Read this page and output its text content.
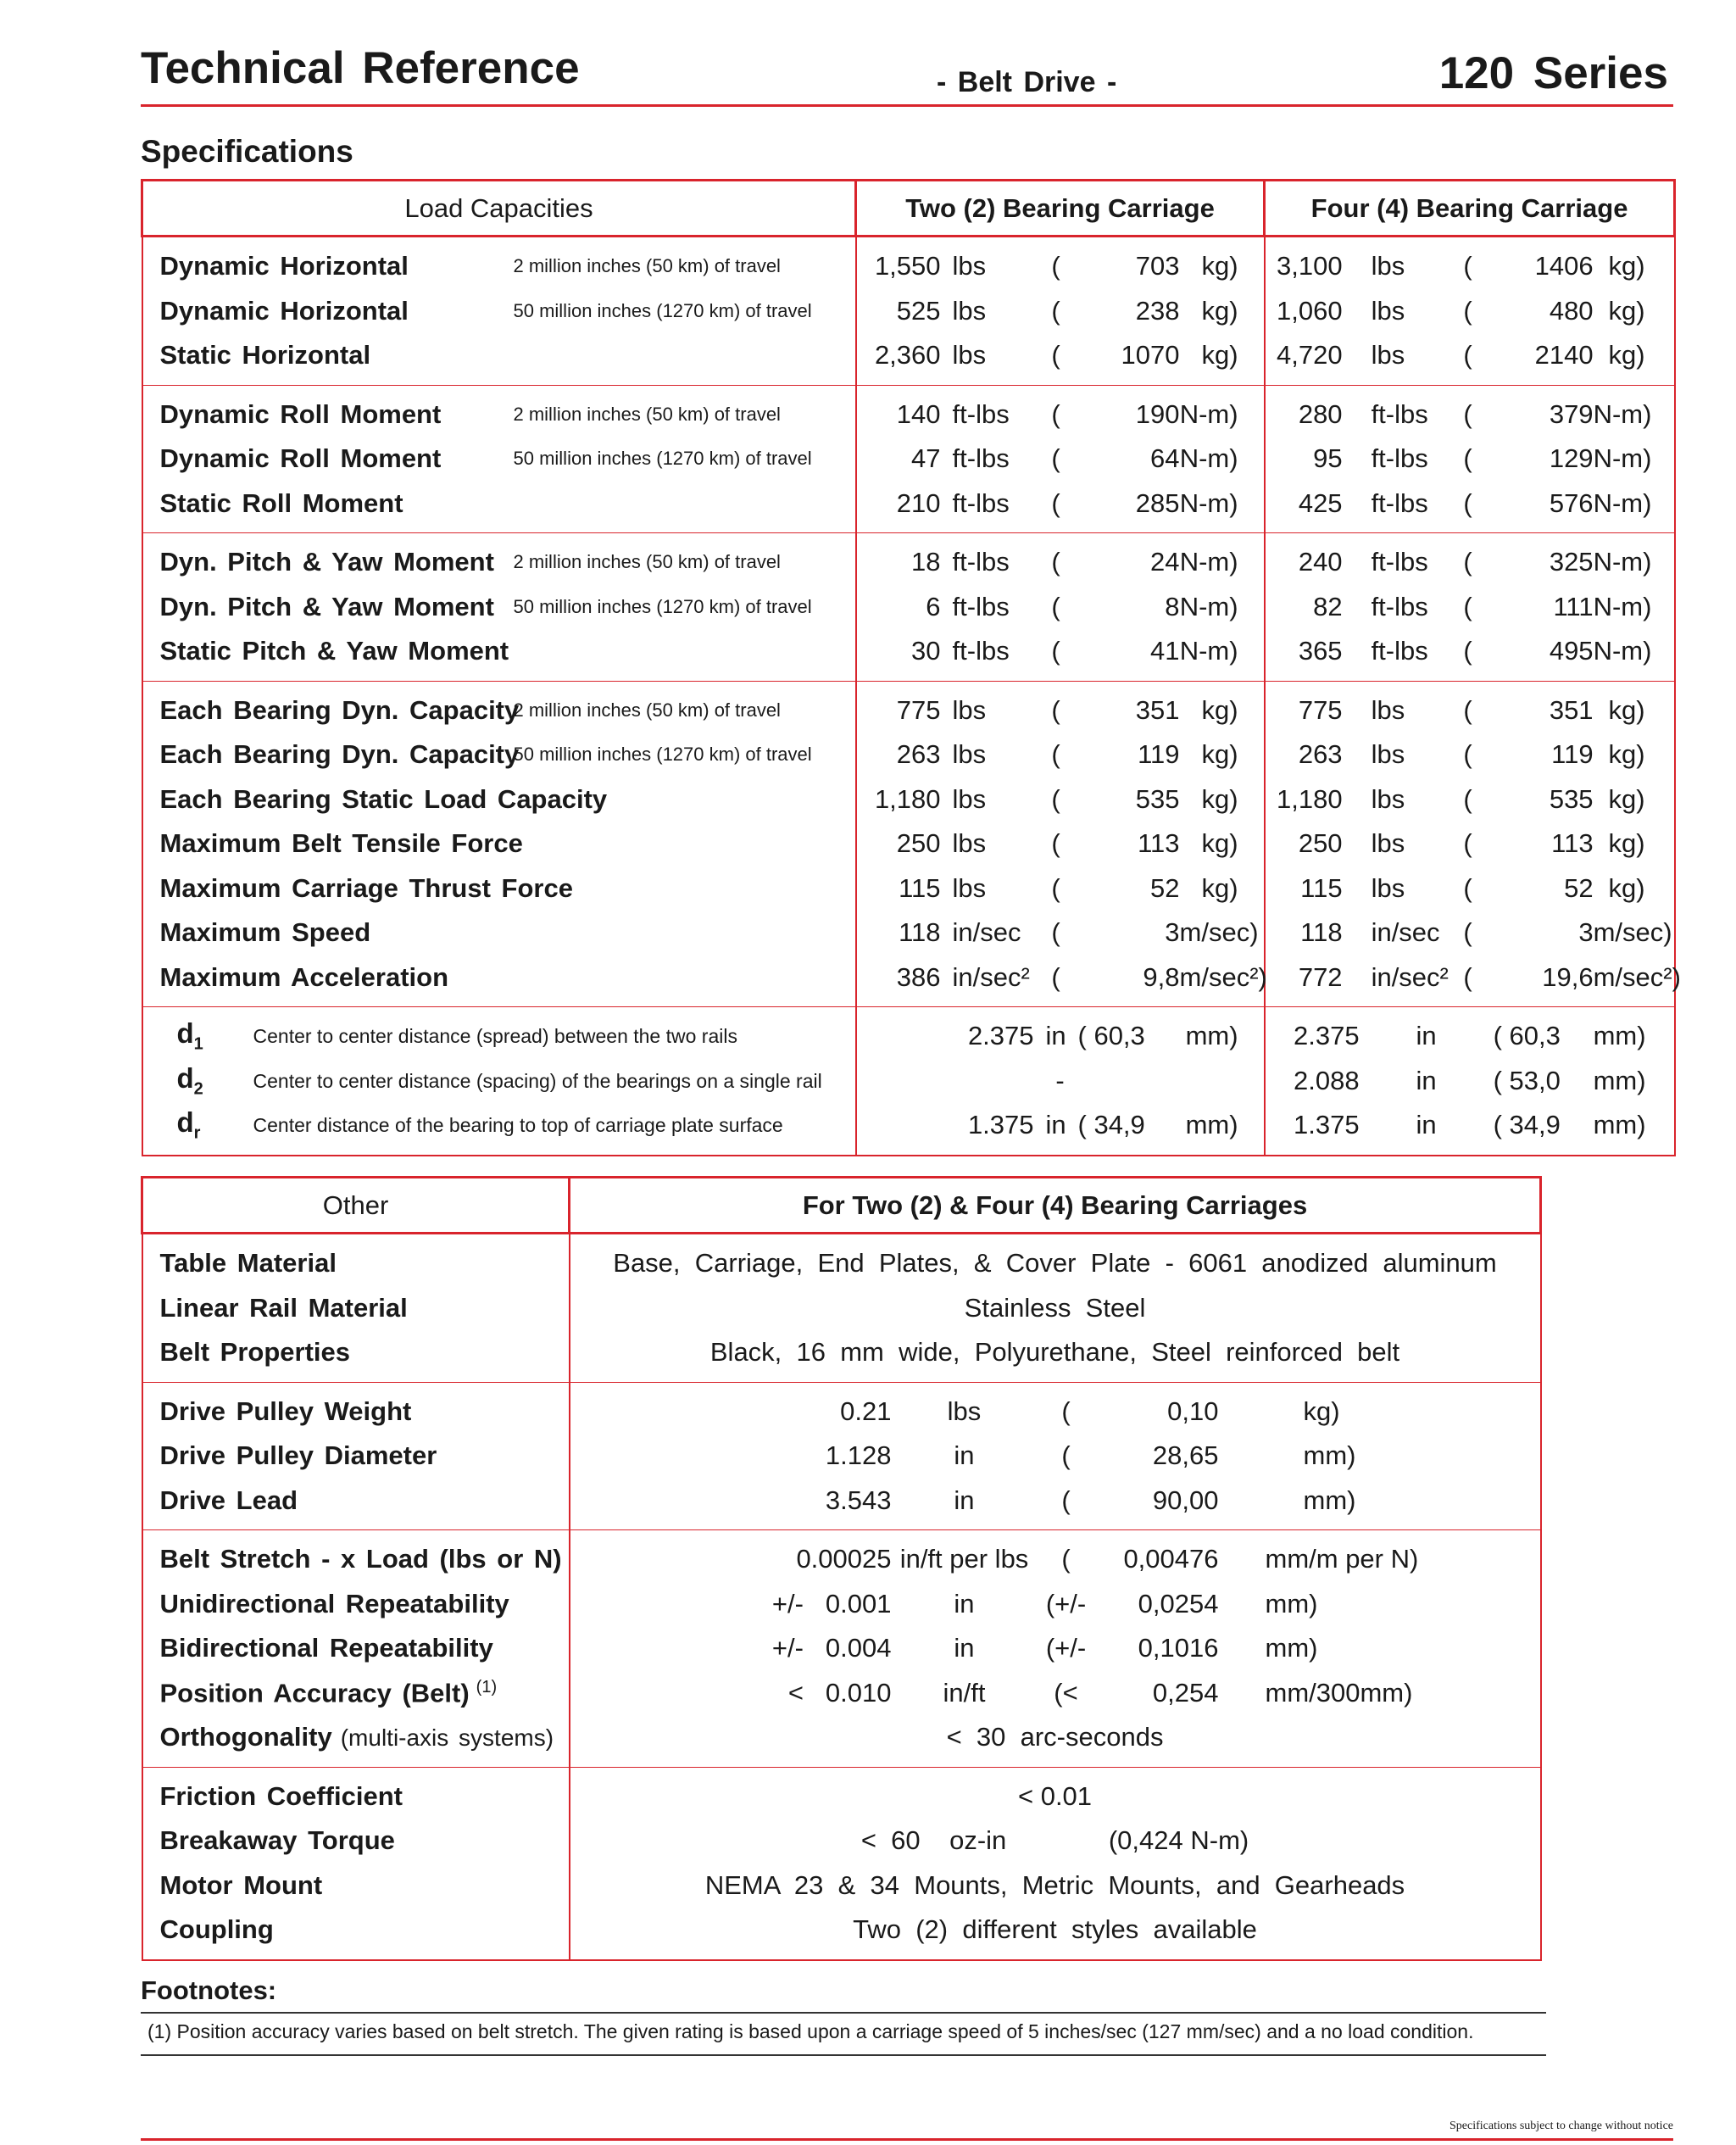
Technical Reference	- Belt Drive -	120 Series
Specifications
Load Capacities		Two (2) Bearing Carriage					Four (4) Bearing Carriage				
Dynamic Horizontal	2 million inches (50 km) of travel	1,550	lbs	(	703	kg)	3,100	lbs	(	1406	kg)
Dynamic Horizontal	50 million inches (1270 km) of travel	525	lbs	(	238	kg)	1,060	lbs	(	480	kg)
Static Horizontal		2,360	lbs	(	1070	kg)	4,720	lbs	(	2140	kg)
Dynamic Roll Moment	2 million inches (50 km) of travel	140	ft-lbs	(	190	N-m)	280	ft-lbs	(	379	N-m)
Dynamic Roll Moment	50 million inches (1270 km) of travel	47	ft-lbs	(	64	N-m)	95	ft-lbs	(	129	N-m)
Static Roll Moment		210	ft-lbs	(	285	N-m)	425	ft-lbs	(	576	N-m)
Dyn. Pitch & Yaw Moment	2 million inches (50 km) of travel	18	ft-lbs	(	24	N-m)	240	ft-lbs	(	325	N-m)
Dyn. Pitch & Yaw Moment	50 million inches (1270 km) of travel	6	ft-lbs	(	8	N-m)	82	ft-lbs	(	111	N-m)
Static Pitch & Yaw Moment		30	ft-lbs	(	41	N-m)	365	ft-lbs	(	495	N-m)
Each Bearing Dyn. Capacity	2 million inches (50 km) of travel	775	lbs	(	351	kg)	775	lbs	(	351	kg)
Each Bearing Dyn. Capacity	50 million inches (1270 km) of travel	263	lbs	(	119	kg)	263	lbs	(	119	kg)
Each Bearing Static Load Capacity		1,180	lbs	(	535	kg)	1,180	lbs	(	535	kg)
Maximum Belt Tensile Force		250	lbs	(	113	kg)	250	lbs	(	113	kg)
Maximum Carriage Thrust Force		115	lbs	(	52	kg)	115	lbs	(	52	kg)
Maximum Speed		118	in/sec	(	3	m/sec)	118	in/sec	(	3	m/sec)
Maximum Acceleration		386	in/sec²	(	9,8	m/sec²)	772	in/sec²	(	19,6	m/sec²)
$d_1$ Center to center distance (spread) between the two rails		2.375		in	( 60,3	mm)	2.375	in		( 60,3	mm)
$d_2$ Center to center distance (spacing) of the bearings on a single rail		-					2.088	in		( 53,0	mm)
$d_r$ Center distance of the bearing to top of carriage plate surface		1.375		in	( 34,9	mm)	1.375	in		( 34,9	mm)
Other	For Two (2) & Four (4) Bearing Carriages				
Table Material	Base,  Carriage,  End  Plates,  &  Cover  Plate  -  6061  anodized  aluminum				
Linear Rail Material	Stainless  Steel				
Belt Properties	Black,  16  mm  wide,  Polyurethane,  Steel  reinforced  belt				
Drive Pulley Weight	0.21	lbs	(	0,10	kg)
Drive Pulley Diameter	1.128	in	(	28,65	mm)
Drive Lead	3.543	in	(	90,00	mm)
Belt Stretch - x Load (lbs or N)	0.00025	in/ft per lbs	(	0,00476	mm/m per N)
Unidirectional Repeatability	+/- 0.001	in	(+/-	0,0254	mm)
Bidirectional Repeatability	+/- 0.004	in	(+/-	0,1016	mm)
Position Accuracy (Belt) $^{(1)}$	< 0.010	in/ft	(<	0,254	mm/300mm)
Orthogonality (multi-axis systems)	<  30  arc-seconds				
Friction Coefficient	< 0.01				
Breakaway Torque	<  60    oz-in              (0,424 N-m)				
Motor Mount	NEMA  23  &  34  Mounts,  Metric  Mounts,  and  Gearheads				
Coupling	Two  (2)  different  styles  available				
Footnotes:
(1) Position accuracy varies based on belt stretch. The given rating is based upon a carriage speed of 5 inches/sec (127 mm/sec) and a no load condition.
Specifications subject to change without notice
